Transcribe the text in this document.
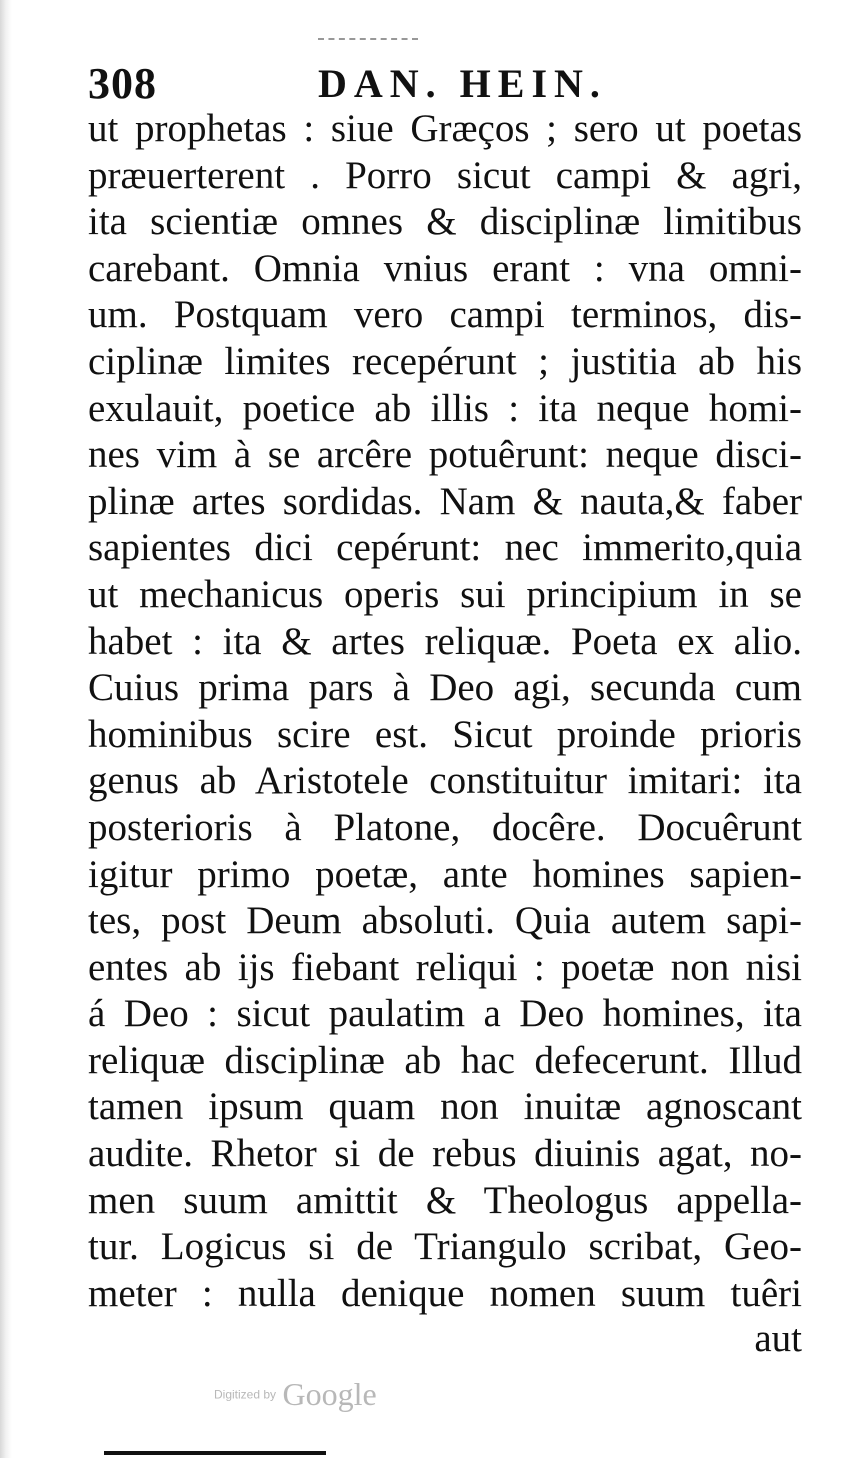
308	DAN. HEIN.
ut prophetas : siue Græços ; sero ut poetas
præuerterent . Porro sicut campi & agri,
ita scientiæ omnes & disciplinæ limitibus
carebant. Omnia vnius erant : vna omni-
um. Postquam vero campi terminos, dis-
ciplinæ limites recepérunt ; justitia ab his
exulauit, poetice ab illis : ita neque homi-
nes vim à se arcêre potuêrunt: neque disci-
plinæ artes sordidas. Nam & nauta,& faber
sapientes dici cepérunt: nec immerito,quia
ut mechanicus operis sui principium in se
habet : ita & artes reliquæ. Poeta ex alio.
Cuius prima pars à Deo agi, secunda cum
hominibus scire est. Sicut proinde prioris
genus ab Aristotele constituitur imitari: ita
posterioris à Platone, docêre. Docuêrunt
igitur primo poetæ, ante homines sapien-
tes, post Deum absoluti. Quia autem sapi-
entes ab ijs fiebant reliqui : poetæ non nisi
á Deo : sicut paulatim a Deo homines, ita
reliquæ disciplinæ ab hac defecerunt. Illud
tamen ipsum quam non inuitæ agnoscant
audite. Rhetor si de rebus diuinis agat, no-
men suum amittit & Theologus appella-
tur. Logicus si de Triangulo scribat, Geo-
meter : nulla denique nomen suum tuêri
aut
Digitized by Google
